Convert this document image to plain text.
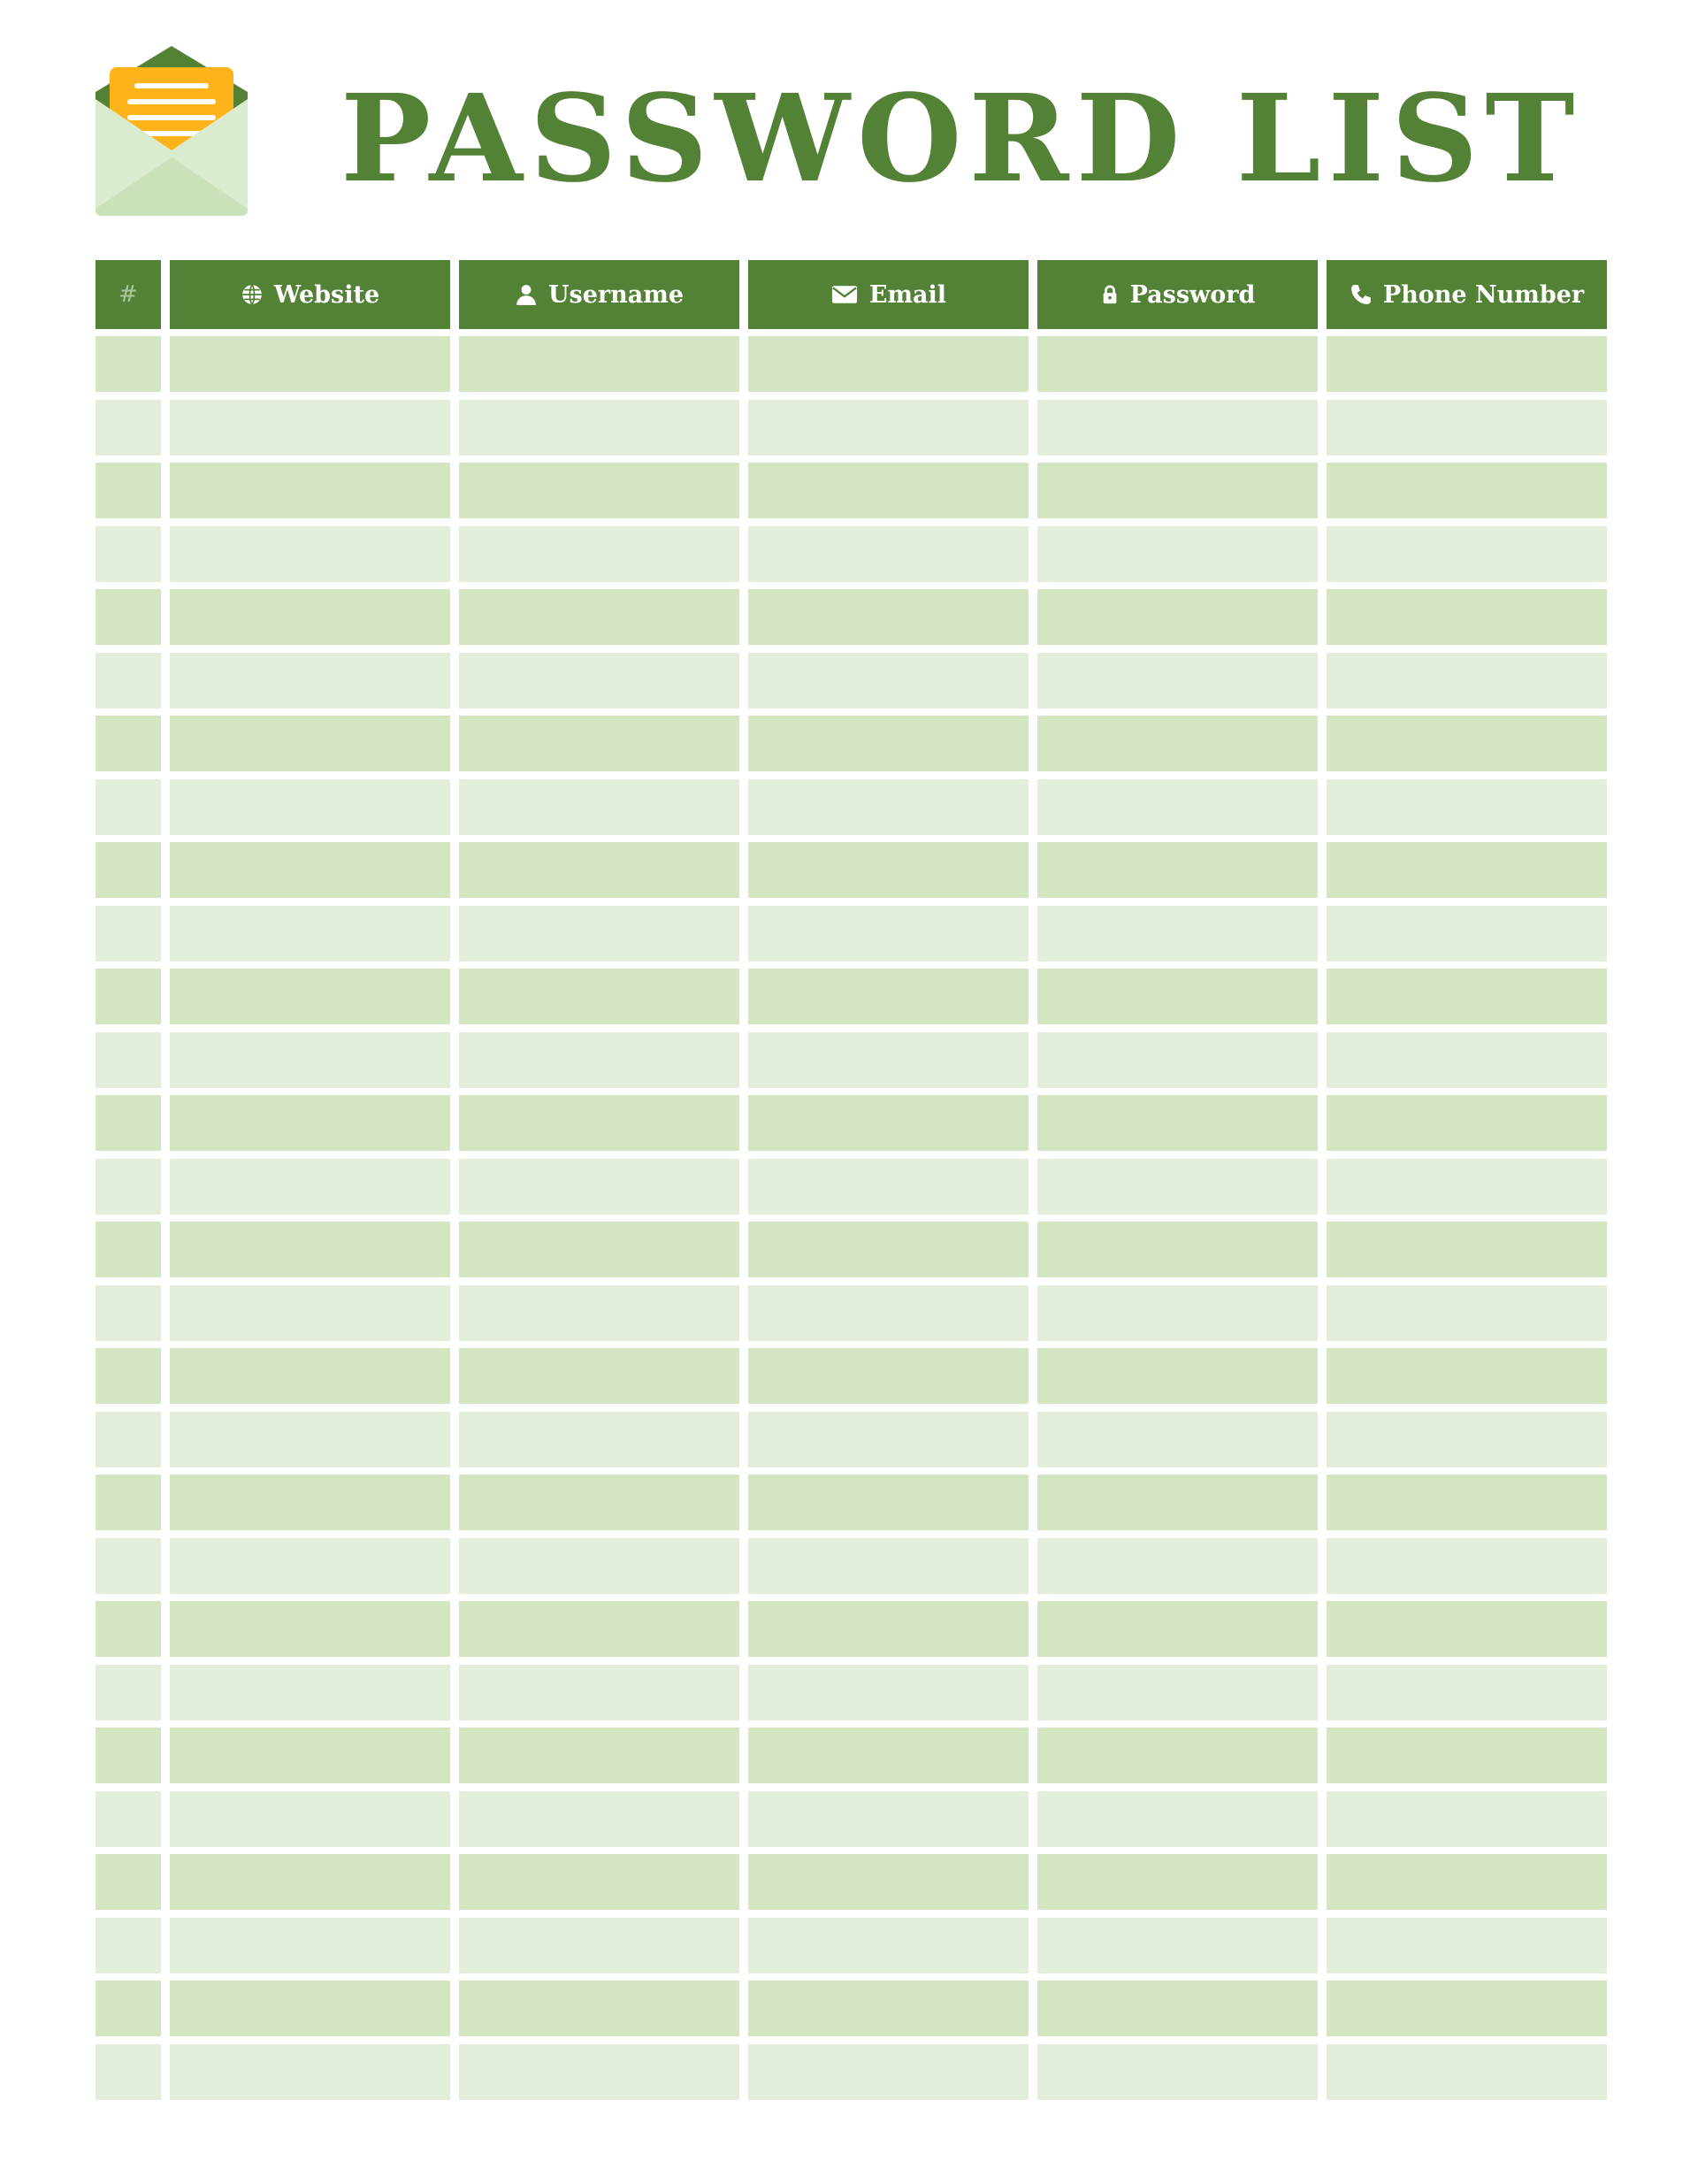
PASSWORD LIST
#	Website	Username	Email	Password	Phone Number
